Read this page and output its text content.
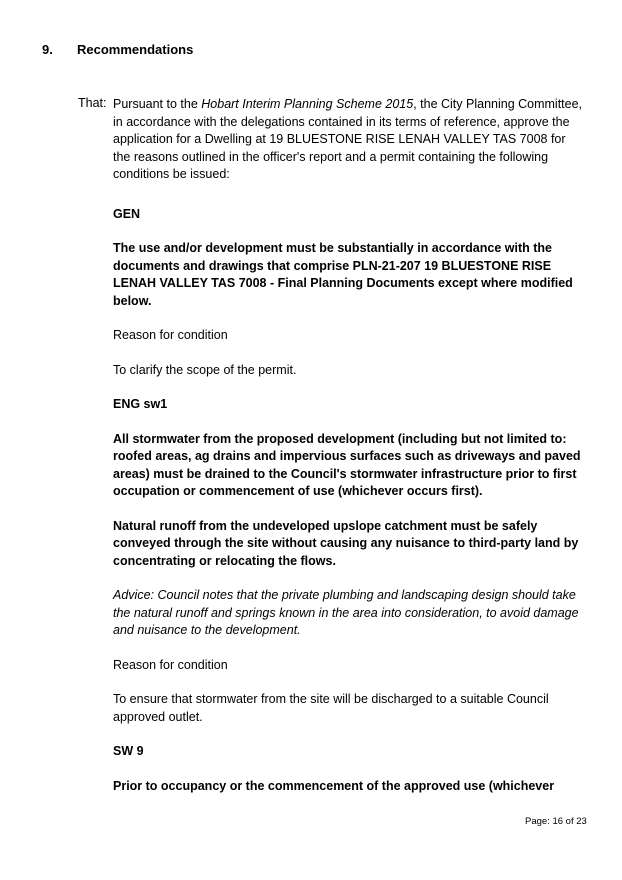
9. Recommendations
That: Pursuant to the Hobart Interim Planning Scheme 2015, the City Planning Committee, in accordance with the delegations contained in its terms of reference, approve the application for a Dwelling at 19 BLUESTONE RISE LENAH VALLEY TAS 7008 for the reasons outlined in the officer's report and a permit containing the following conditions be issued:

GEN

The use and/or development must be substantially in accordance with the documents and drawings that comprise PLN-21-207 19 BLUESTONE RISE LENAH VALLEY TAS 7008 - Final Planning Documents except where modified below.

Reason for condition

To clarify the scope of the permit.

ENG sw1

All stormwater from the proposed development (including but not limited to: roofed areas, ag drains and impervious surfaces such as driveways and paved areas) must be drained to the Council's stormwater infrastructure prior to first occupation or commencement of use (whichever occurs first).

Natural runoff from the undeveloped upslope catchment must be safely conveyed through the site without causing any nuisance to third-party land by concentrating or relocating the flows.

Advice: Council notes that the private plumbing and landscaping design should take the natural runoff and springs known in the area into consideration, to avoid damage and nuisance to the development.

Reason for condition

To ensure that stormwater from the site will be discharged to a suitable Council approved outlet.

SW 9

Prior to occupancy or the commencement of the approved use (whichever

Page: 16 of 23
